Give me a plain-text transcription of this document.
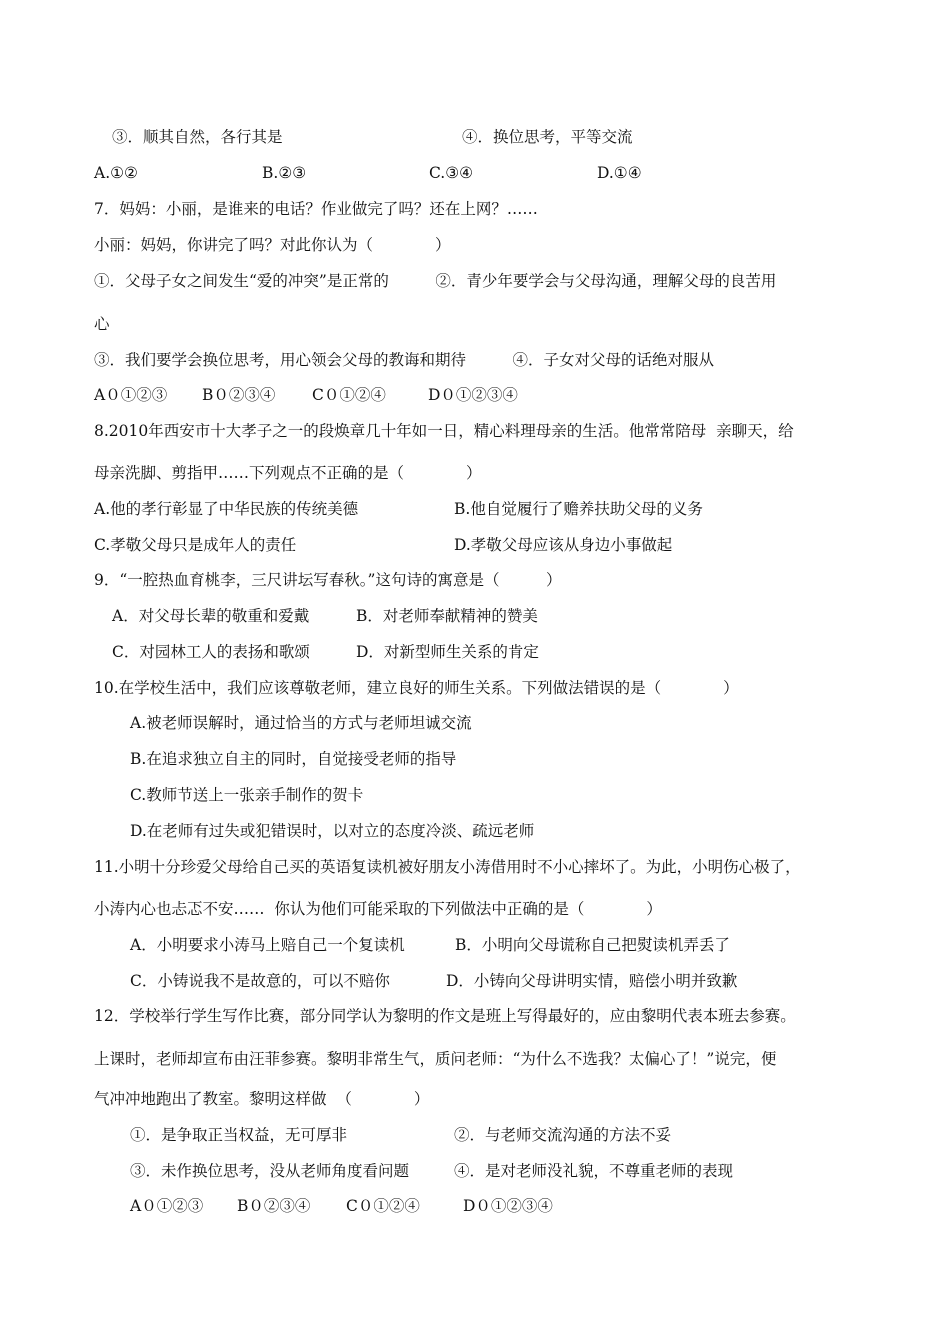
③．顺其自然，各行其是	④．换位思考，平等交流
A.①②	B.②③	C.③④	D.①④
7．妈妈：小丽，是谁来的电话？作业做完了吗？还在上网？……
小丽：妈妈，你讲完了吗？对此你认为（　　　　）
①．父母子女之间发生“爱的冲突”是正常的　　　②．青少年要学会与父母沟通，理解父母的良苦用
心
③．我们要学会换位思考，用心领会父母的教诲和期待　　　④．子女对父母的话绝对服从
A０①②③ B０②③④ C０①②④	D０①②③④
8.2010年西安市十大孝子之一的段焕章几十年如一日，精心料理母亲的生活。他常常陪母  亲聊天，给
母亲洗脚、剪指甲……下列观点不正确的是（　　　　）
A.他的孝行彰显了中华民族的传统美德	B.他自觉履行了赡养扶助父母的义务
C.孝敬父母只是成年人的责任	D.孝敬父母应该从身边小事做起
9．“一腔热血育桃李，三尺讲坛写春秋。”这句诗的寓意是（　　　）
A．对父母长辈的敬重和爱戴	B．对老师奉献精神的赞美
C．对园林工人的表扬和歌颂	D．对新型师生关系的肯定
10.在学校生活中，我们应该尊敬老师，建立良好的师生关系。下列做法错误的是（　　　　）
A.被老师误解时，通过恰当的方式与老师坦诚交流
B.在追求独立自主的同时，自觉接受老师的指导
C.教师节送上一张亲手制作的贺卡
D.在老师有过失或犯错误时，以对立的态度冷淡、疏远老师
11.小明十分珍爱父母给自己买的英语复读机被好朋友小涛借用时不小心摔坏了。为此，小明伤心极了，
小涛内心也忐忑不安……  你认为他们可能采取的下列做法中正确的是（　　　　）
A．小明要求小涛马上赔自己一个复读机	B．小明向父母谎称自己把熨读机弄丢了
C．小铸说我不是故意的，可以不赔你	D．小铸向父母讲明实情，赔偿小明并致歉
12．学校举行学生写作比赛，部分同学认为黎明的作文是班上写得最好的，应由黎明代表本班去参赛。
上课时，老师却宣布由汪菲参赛。黎明非常生气，质问老师：“为什么不选我？太偏心了！”说完，便
气冲冲地跑出了教室。黎明这样做  （　　　　）
①．是争取正当权益，无可厚非	②．与老师交流沟通的方法不妥
③．未作换位思考，没从老师角度看问题	④．是对老师没礼貌，不尊重老师的表现
A０①②③ B０②③④ C０①②④	D０①②③④
